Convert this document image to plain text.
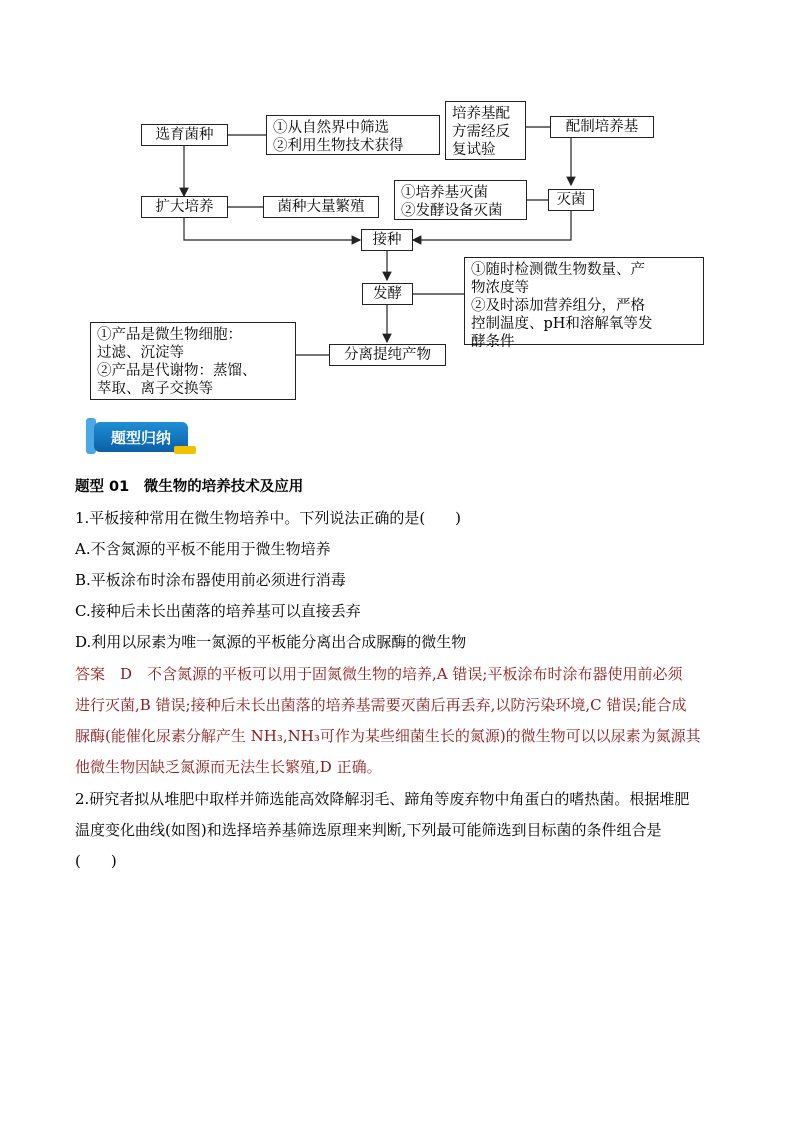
选育菌种	①从自然界中筛选
②利用生物技术获得
培养基配
方需经反
复试验
配制培养基
扩大培养	菌种大量繁殖
①培养基灭菌
②发酵设备灭菌
灭菌
接种
发酵
①随时检测微生物数量、产
物浓度等
②及时添加营养组分，严格
控制温度、pH和溶解氧等发
酵条件
①产品是微生物细胞：
过滤、沉淀等
②产品是代谢物：蒸馏、
萃取、离子交换等
分离提纯产物
题型归纳
题型 01　微生物的培养技术及应用
1.平板接种常用在微生物培养中。下列说法正确的是(　　)
A.不含氮源的平板不能用于微生物培养
B.平板涂布时涂布器使用前必须进行消毒
C.接种后未长出菌落的培养基可以直接丢弃
D.利用以尿素为唯一氮源的平板能分离出合成脲酶的微生物
答案　D　不含氮源的平板可以用于固氮微生物的培养,A 错误;平板涂布时涂布器使用前必须
进行灭菌,B 错误;接种后未长出菌落的培养基需要灭菌后再丢弃,以防污染环境,C 错误;能合成
脲酶(能催化尿素分解产生 NH₃,NH₃可作为某些细菌生长的氮源)的微生物可以以尿素为氮源其
他微生物因缺乏氮源而无法生长繁殖,D 正确。
2.研究者拟从堆肥中取样并筛选能高效降解羽毛、蹄角等废弃物中角蛋白的嗜热菌。根据堆肥
温度变化曲线(如图)和选择培养基筛选原理来判断,下列最可能筛选到目标菌的条件组合是
(　　)
